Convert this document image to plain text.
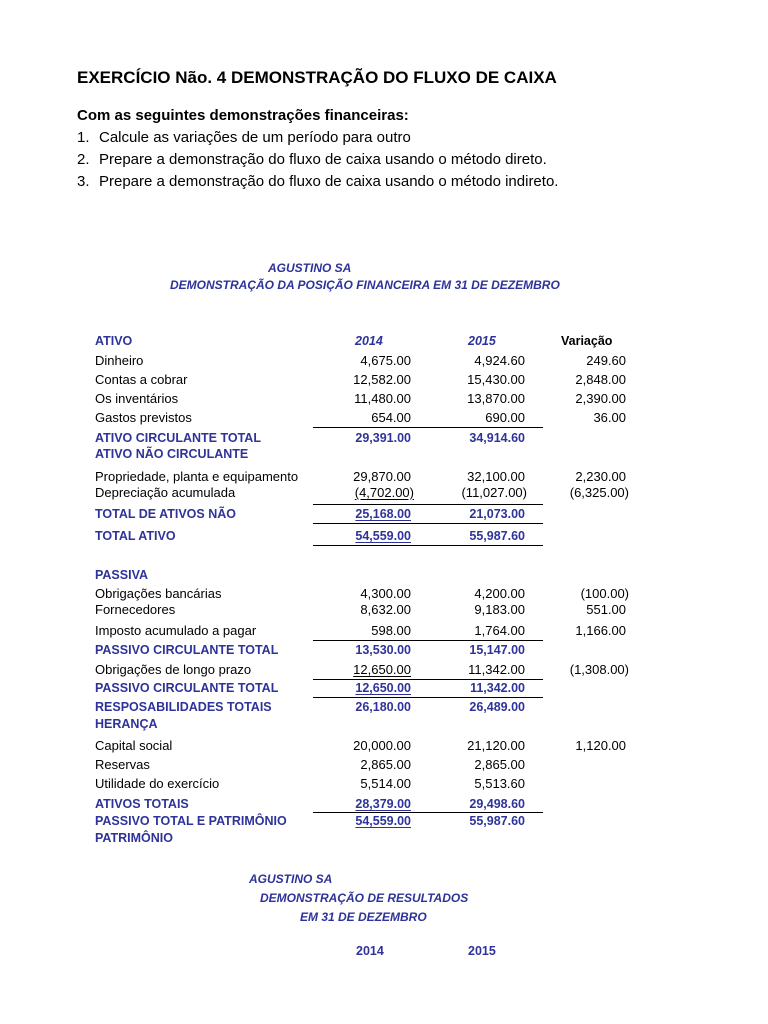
EXERCÍCIO Não. 4 DEMONSTRAÇÃO DO FLUXO DE CAIXA
Com as seguintes demonstrações financeiras:
1. Calcule as variações de um período para outro
2. Prepare a demonstração do fluxo de caixa usando o método direto.
3. Prepare a demonstração do fluxo de caixa usando o método indireto.
AGUSTINO SA
DEMONSTRAÇÃO DA POSIÇÃO FINANCEIRA EM 31 DE DEZEMBRO
ATIVO	2014	2015	Variação
Dinheiro	4,675.00	4,924.60	249.60
Contas a cobrar	12,582.00	15,430.00	2,848.00
Os inventários	11,480.00	13,870.00	2,390.00
Gastos previstos	654.00	690.00	36.00
ATIVO CIRCULANTE TOTAL	29,391.00	34,914.60
ATIVO NÃO CIRCULANTE
Propriedade, planta e equipamento	29,870.00	32,100.00	2,230.00
Depreciação acumulada	(4,702.00)	(11,027.00)	(6,325.00)
TOTAL DE ATIVOS NÃO	25,168.00	21,073.00
TOTAL ATIVO	54,559.00	55,987.60
PASSIVA
Obrigações bancárias	4,300.00	4,200.00	(100.00)
Fornecedores	8,632.00	9,183.00	551.00
Imposto acumulado a pagar	598.00	1,764.00	1,166.00
PASSIVO CIRCULANTE TOTAL	13,530.00	15,147.00
Obrigações de longo prazo	12,650.00	11,342.00	(1,308.00)
PASSIVO CIRCULANTE TOTAL	12,650.00	11,342.00
RESPOSABILIDADES TOTAIS	26,180.00	26,489.00
HERANÇA
Capital social	20,000.00	21,120.00	1,120.00
Reservas	2,865.00	2,865.00
Utilidade do exercício	5,514.00	5,513.60
ATIVOS TOTAIS	28,379.00	29,498.60
PASSIVO TOTAL E PATRIMÔNIO	54,559.00	55,987.60
PATRIMÔNIO
AGUSTINO SA
DEMONSTRAÇÃO DE RESULTADOS
EM 31 DE DEZEMBRO
2014	2015
